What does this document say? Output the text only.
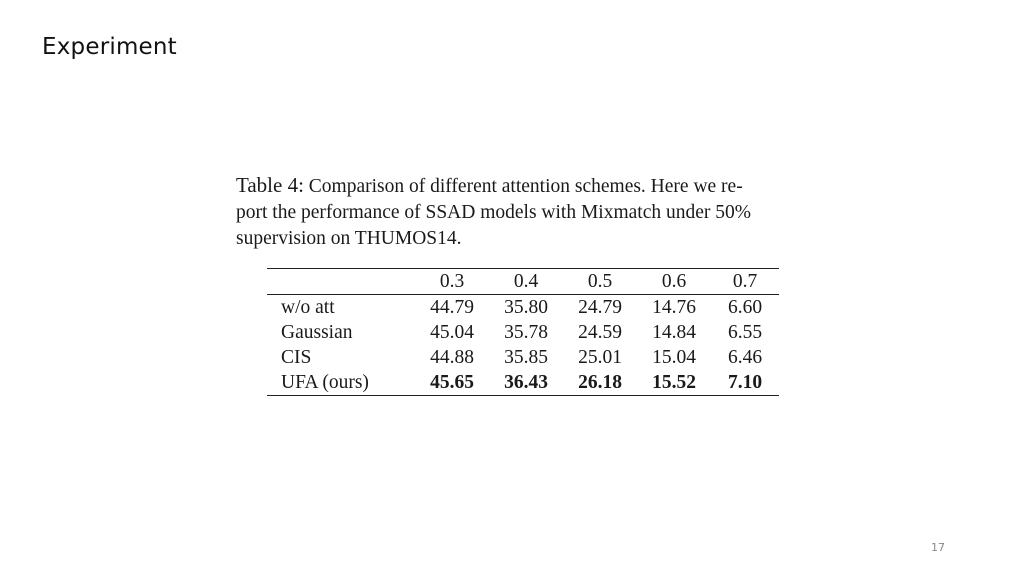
Experiment

Table 4: Comparison of different attention schemes. Here we re-
port the performance of SSAD models with Mixmatch under 50%
supervision on THUMOS14.

	0.3	0.4	0.5	0.6	0.7
w/o att	44.79	35.80	24.79	14.76	6.60
Gaussian	45.04	35.78	24.59	14.84	6.55
CIS	44.88	35.85	25.01	15.04	6.46
UFA (ours)	45.65	36.43	26.18	15.52	7.10
17
